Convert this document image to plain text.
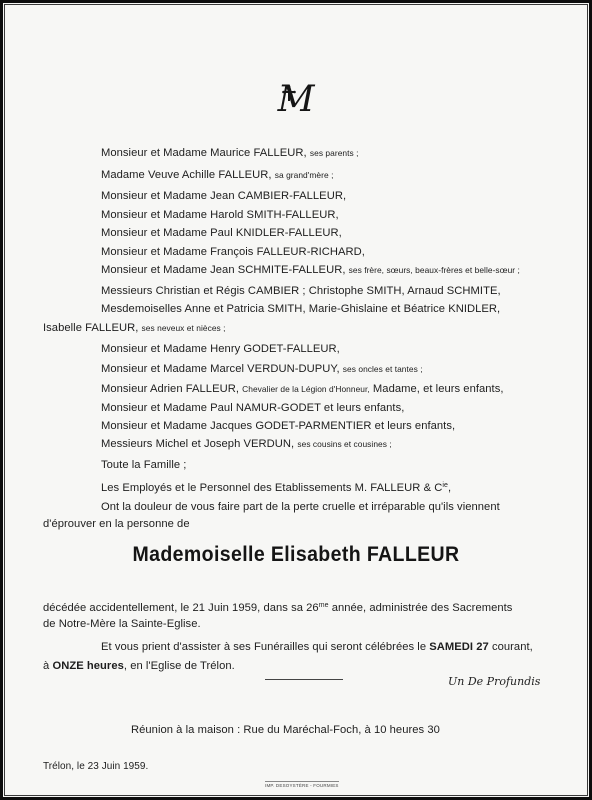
M
Monsieur et Madame Maurice FALLEUR, ses parents ;
Madame Veuve Achille FALLEUR, sa grand'mère ;
Monsieur et Madame Jean CAMBIER-FALLEUR,
Monsieur et Madame Harold SMITH-FALLEUR,
Monsieur et Madame Paul KNIDLER-FALLEUR,
Monsieur et Madame François FALLEUR-RICHARD,
Monsieur et Madame Jean SCHMITE-FALLEUR, ses frère, sœurs, beaux-frères et belle-sœur ;
Messieurs Christian et Régis CAMBIER ; Christophe SMITH, Arnaud SCHMITE,
Mesdemoiselles Anne et Patricia SMITH, Marie-Ghislaine et Béatrice KNIDLER,
Isabelle FALLEUR, ses neveux et nièces ;
Monsieur et Madame Henry GODET-FALLEUR,
Monsieur et Madame Marcel VERDUN-DUPUY, ses oncles et tantes ;
Monsieur Adrien FALLEUR, Chevalier de la Légion d'Honneur, Madame, et leurs enfants,
Monsieur et Madame Paul NAMUR-GODET et leurs enfants,
Monsieur et Madame Jacques GODET-PARMENTIER et leurs enfants,
Messieurs Michel et Joseph VERDUN, ses cousins et cousines ;
Toute la Famille ;
Les Employés et le Personnel des Etablissements M. FALLEUR & $C^{ie}$,
Ont la douleur de vous faire part de la perte cruelle et irréparable qu'ils viennent
d'éprouver en la personne de
Mademoiselle Elisabeth FALLEUR
décédée accidentellement, le 21 Juin 1959, dans sa $26^{me}$ année, administrée des Sacrements
de Notre-Mère la Sainte-Eglise.
Et vous prient d'assister à ses Funérailles qui seront célébrées le SAMEDI 27 courant,
à ONZE heures, en l'Eglise de Trélon.
Un De Profundis
Réunion à la maison : Rue du Maréchal-Foch, à 10 heures 30
Trélon, le 23 Juin 1959.
IMP. DESOYSTÈRE - FOURMIES
